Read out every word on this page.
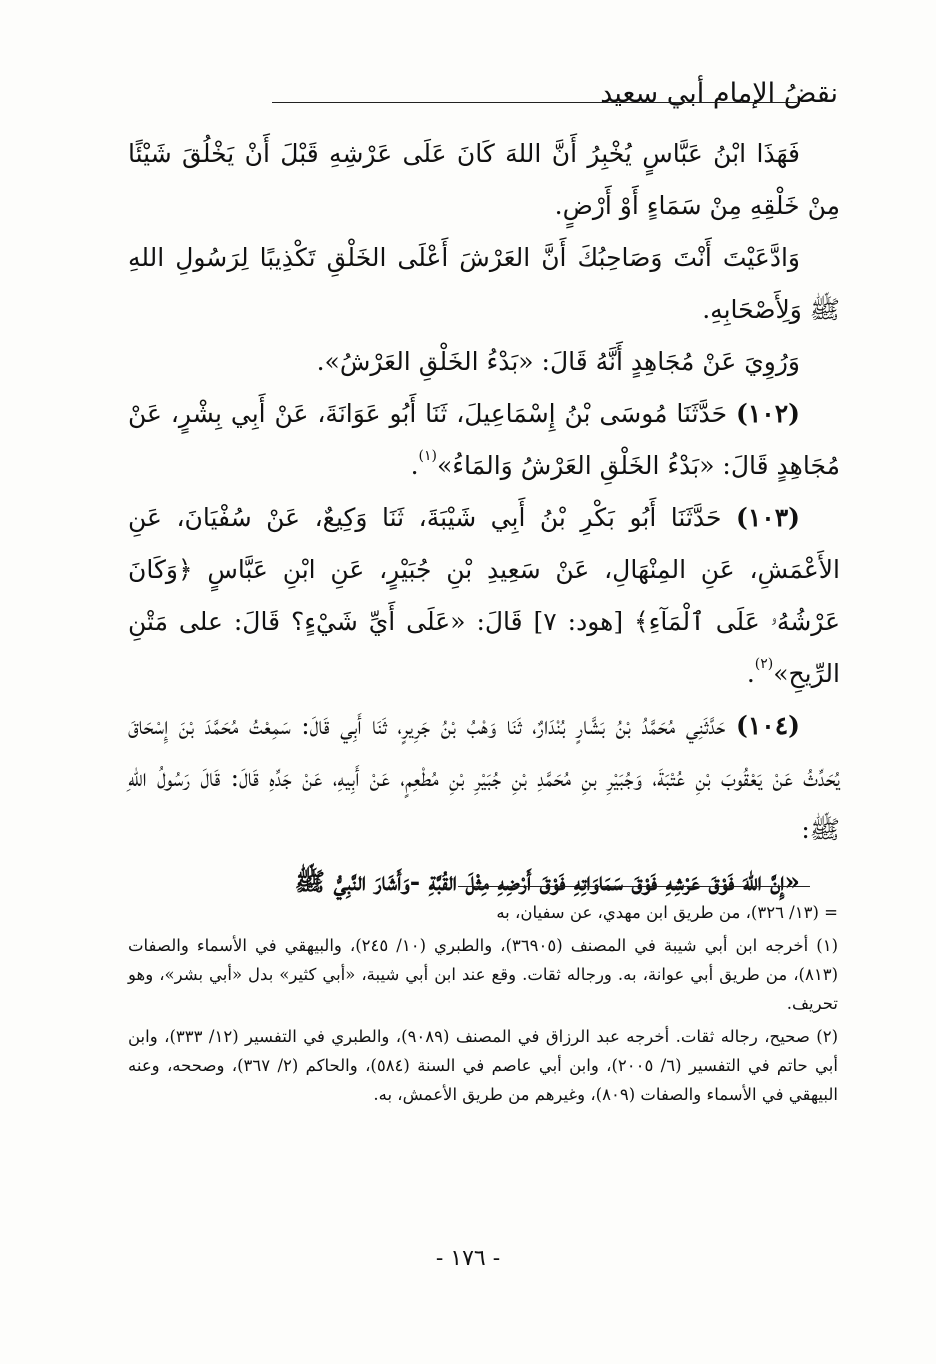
نقضُ الإمام أبي سعيد

فَهَذَا ابْنُ عَبَّاسٍ يُخْبِرُ أَنَّ اللهَ كَانَ عَلَى عَرْشِهِ قَبْلَ أَنْ يَخْلُقَ شَيْئًا مِنْ خَلْقِهِ مِنْ سَمَاءٍ أَوْ أَرْضٍ.

وَادَّعَيْتَ أَنْتَ وَصَاحِبُكَ أَنَّ العَرْشَ أَعْلَى الخَلْقِ تَكْذِيبًا لِرَسُولِ اللهِ ﷺ وَلِأَصْحَابِهِ.

وَرُوِيَ عَنْ مُجَاهِدٍ أَنَّهُ قَالَ: «بَدْءُ الخَلْقِ العَرْشُ».

(١٠٢) حَدَّثَنَا مُوسَى بْنُ إِسْمَاعِيلَ، ثَنَا أَبُو عَوَانَةَ، عَنْ أَبِي بِشْرٍ، عَنْ مُجَاهِدٍ قَالَ: «بَدْءُ الخَلْقِ العَرْشُ وَالمَاءُ»$^{(١)}$.

(١٠٣) حَدَّثَنَا أَبُو بَكْرِ بْنُ أَبِي شَيْبَةَ، ثَنَا وَكِيعٌ، عَنْ سُفْيَانَ، عَنِ الأَعْمَشِ، عَنِ المِنْهَالِ، عَنْ سَعِيدِ بْنِ جُبَيْرٍ، عَنِ ابْنِ عَبَّاسٍ ﴿وَكَانَ عَرْشُهُۥ عَلَى ٱلْمَآءِ﴾ [هود: ٧] قَالَ: «عَلَى أَيِّ شَيْءٍ؟ قَالَ: على مَتْنِ الرِّيحِ»$^{(٢)}$.

(١٠٤) حَدَّثَنِي مُحَمَّدُ بْنُ بَشَّارٍ بُنْدَارٌ، ثَنَا وَهْبُ بْنُ جَرِيرٍ، ثَنَا أَبِي قَالَ: سَمِعْتُ مُحَمَّدَ بْنَ إِسْحَاقَ يُحَدِّثُ عَنْ يَعْقُوبَ بْنِ عُتْبَةَ، وَجُبَيْرِ بنِ مُحَمَّدِ بْنِ جُبَيْرِ بْنِ مُطْعِمٍ، عَنْ أَبِيهِ، عَنْ جَدِّهِ قَالَ: قَالَ رَسُولُ اللهِ ﷺ:

«إِنَّ اللهَ فَوْقَ عَرْشِهِ فَوْقَ سَمَاوَاتِهِ فَوْقَ أَرْضِهِ مِثْلَ القُبَّةِ -وَأَشَارَ النَّبِيُّ ﷺ

= (١٣/ ٣٢٦)، من طريق ابن مهدي، عن سفيان، به

(١) أخرجه ابن أبي شيبة في المصنف (٣٦٩٠٥)، والطبري (١٠/ ٢٤٥)، والبيهقي في الأسماء والصفات (٨١٣)، من طريق أبي عوانة، به. ورجاله ثقات. وقع عند ابن أبي شيبة، «أبي كثير» بدل «أبي بشر»، وهو تحريف.

(٢) صحيح، رجاله ثقات. أخرجه عبد الرزاق في المصنف (٩٠٨٩)، والطبري في التفسير (١٢/ ٣٣٣)، وابن أبي حاتم في التفسير (٦/ ٢٠٠٥)، وابن أبي عاصم في السنة (٥٨٤)، والحاكم (٢/ ٣٦٧)، وصححه، وعنه البيهقي في الأسماء والصفات (٨٠٩)، وغيرهم من طريق الأعمش، به.

- ١٧٦ -
